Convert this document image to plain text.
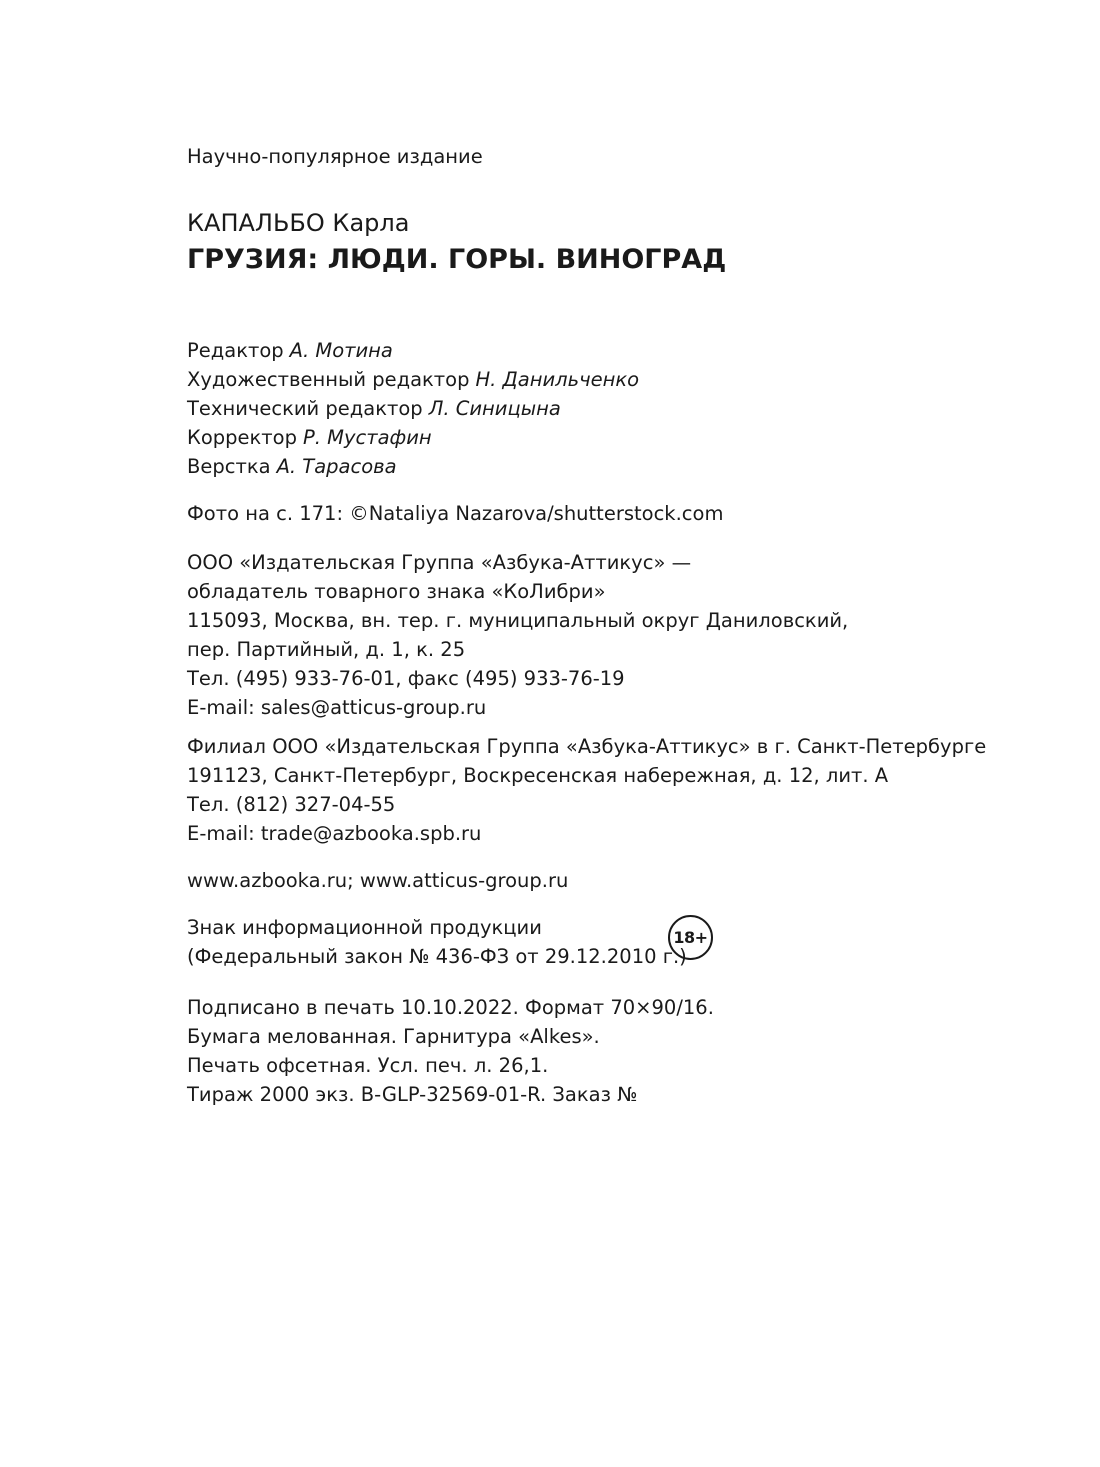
Научно-популярное издание
КАПАЛЬБО Карла
ГРУЗИЯ: ЛЮДИ. ГОРЫ. ВИНОГРАД
Редактор А. Мотина
Художественный редактор Н. Данильченко
Технический редактор Л. Синицына
Корректор Р. Мустафин
Верстка А. Тарасова
Фото на с. 171: ©Nataliya Nazarova/shutterstock.com
ООО «Издательская Группа «Азбука-Аттикус» —
обладатель товарного знака «КоЛибри»
115093, Москва, вн. тер. г. муниципальный округ Даниловский,
пер. Партийный, д. 1, к. 25
Тел. (495) 933-76-01, факс (495) 933-76-19
E-mail: sales@atticus-group.ru
Филиал ООО «Издательская Группа «Азбука-Аттикус» в г. Санкт-Петербурге
191123, Санкт-Петербург, Воскресенская набережная, д. 12, лит. А
Тел. (812) 327-04-55
E-mail: trade@azbooka.spb.ru
www.azbooka.ru; www.atticus-group.ru
Знак информационной продукции
(Федеральный закон № 436-ФЗ от 29.12.2010 г.)
18+
Подписано в печать 10.10.2022. Формат 70×90/16.
Бумага мелованная. Гарнитура «Alkes».
Печать офсетная. Усл. печ. л. 26,1.
Тираж 2000 экз. B-GLP-32569-01-R. Заказ №
